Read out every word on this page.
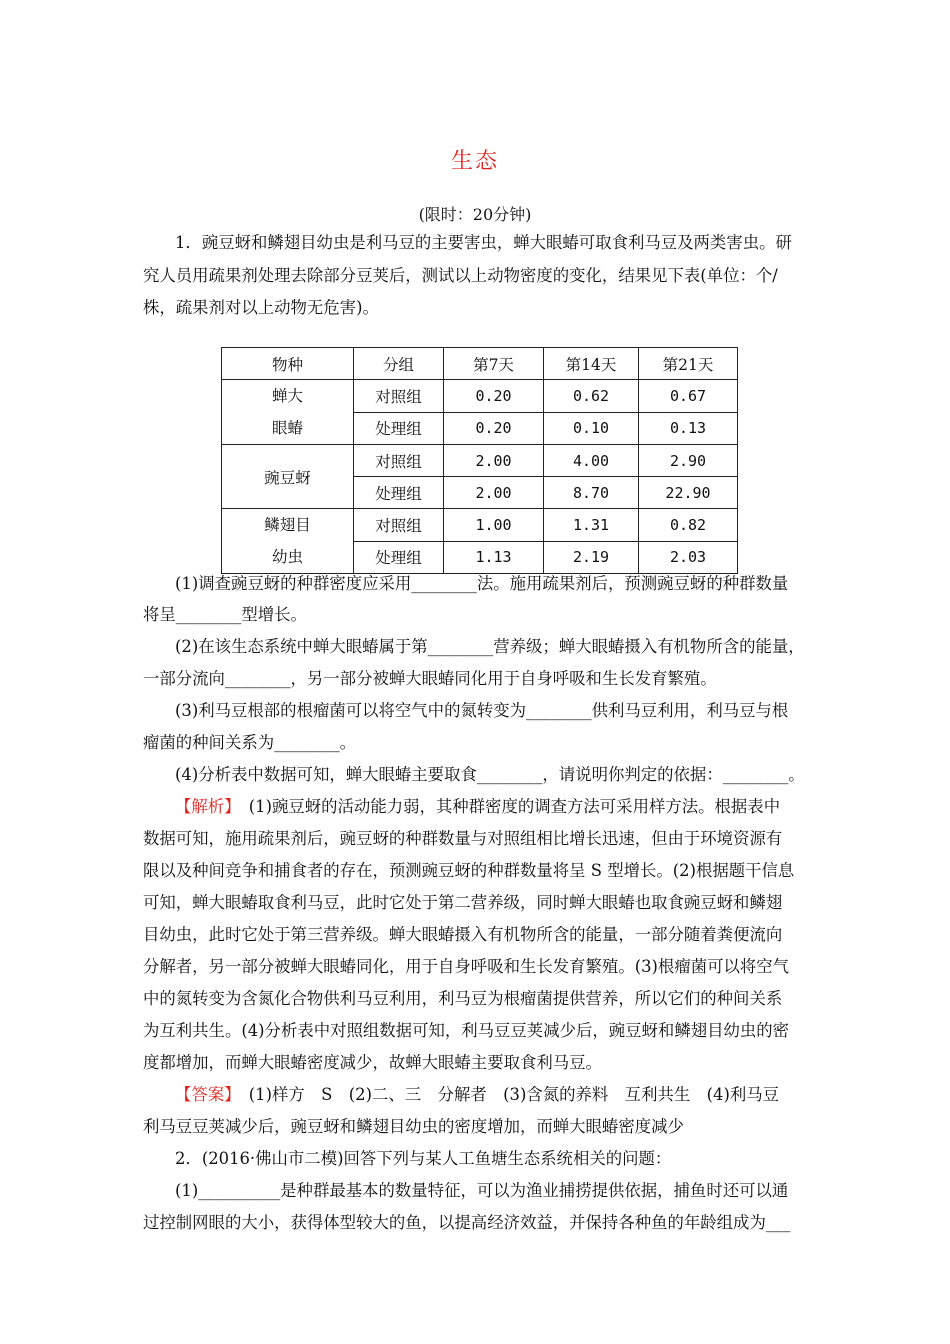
生态
(限时：20分钟)
1．豌豆蚜和鳞翅目幼虫是利马豆的主要害虫，蝉大眼蝽可取食利马豆及两类害虫。研
究人员用疏果剂处理去除部分豆荚后，测试以上动物密度的变化，结果见下表(单位：个/
株，疏果剂对以上动物无危害)。
物种	分组	第7天	第14天	第21天

蝉大
眼蝽	对照组	0.20	0.62	0.67
	处理组	0.20	0.10	0.13
豌豆蚜	对照组	2.00	4.00	2.90
	处理组	2.00	8.70	22.90

鳞翅目
幼虫	对照组	1.00	1.31	0.82
	处理组	1.13	2.19	2.03
(1)调查豌豆蚜的种群密度应采用________法。施用疏果剂后，预测豌豆蚜的种群数量
将呈________型增长。
(2)在该生态系统中蝉大眼蝽属于第________营养级；蝉大眼蝽摄入有机物所含的能量，
一部分流向________，另一部分被蝉大眼蝽同化用于自身呼吸和生长发育繁殖。
(3)利马豆根部的根瘤菌可以将空气中的氮转变为________供利马豆利用，利马豆与根
瘤菌的种间关系为________。
(4)分析表中数据可知，蝉大眼蝽主要取食________，请说明你判定的依据：________。
【解析】　(1)豌豆蚜的活动能力弱，其种群密度的调查方法可采用样方法。根据表中
数据可知，施用疏果剂后，豌豆蚜的种群数量与对照组相比增长迅速，但由于环境资源有
限以及种间竞争和捕食者的存在，预测豌豆蚜的种群数量将呈 S 型增长。(2)根据题干信息
可知，蝉大眼蝽取食利马豆，此时它处于第二营养级，同时蝉大眼蝽也取食豌豆蚜和鳞翅
目幼虫，此时它处于第三营养级。蝉大眼蝽摄入有机物所含的能量，一部分随着粪便流向
分解者，另一部分被蝉大眼蝽同化，用于自身呼吸和生长发育繁殖。(3)根瘤菌可以将空气
中的氮转变为含氮化合物供利马豆利用，利马豆为根瘤菌提供营养，所以它们的种间关系
为互利共生。(4)分析表中对照组数据可知，利马豆豆荚减少后，豌豆蚜和鳞翅目幼虫的密
度都增加，而蝉大眼蝽密度减少，故蝉大眼蝽主要取食利马豆。
【答案】　(1)样方　S　(2)二、三　分解者　(3)含氮的养料　互利共生　(4)利马豆
利马豆豆荚减少后，豌豆蚜和鳞翅目幼虫的密度增加，而蝉大眼蝽密度减少
2．(2016·佛山市二模)回答下列与某人工鱼塘生态系统相关的问题：
(1)__________是种群最基本的数量特征，可以为渔业捕捞提供依据，捕鱼时还可以通
过控制网眼的大小，获得体型较大的鱼，以提高经济效益，并保持各种鱼的年龄组成为___
